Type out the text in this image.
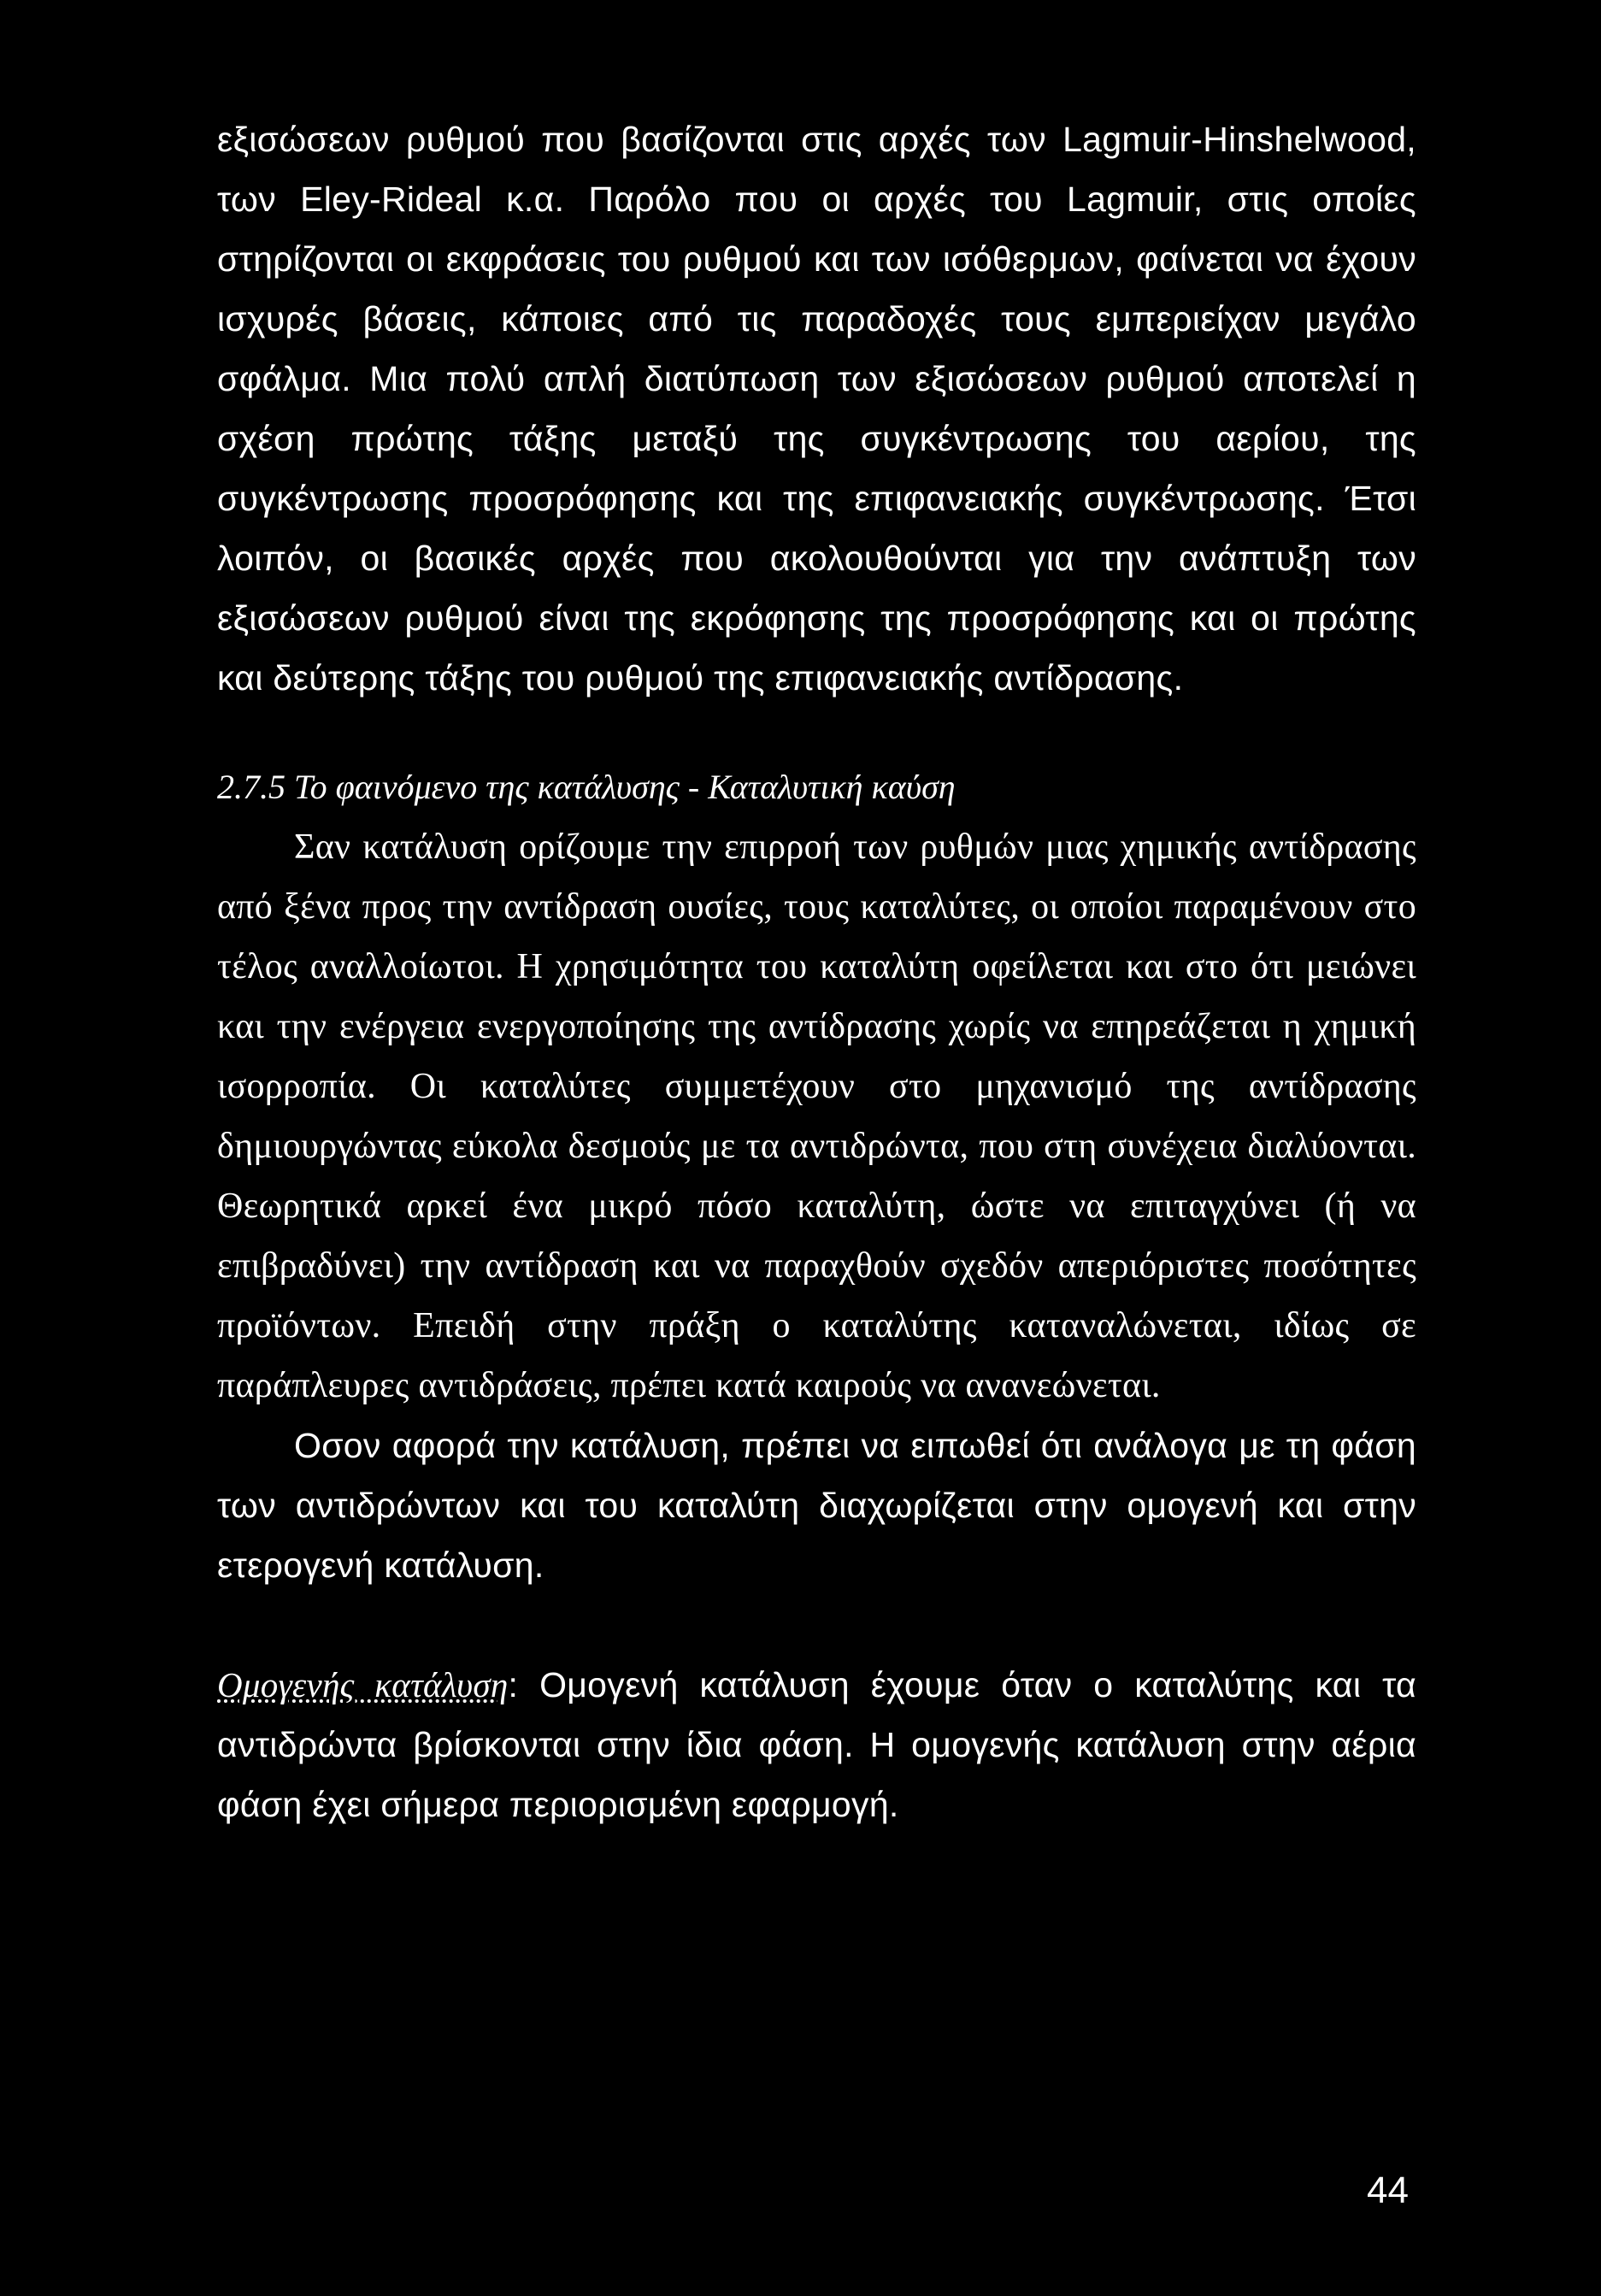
εξισώσεων ρυθμού που βασίζονται στις αρχές των Lagmuir-Hinshelwood, των Eley-Rideal κ.α. Παρόλο που οι αρχές του Lagmuir, στις οποίες στηρίζονται οι εκφράσεις του ρυθμού και των ισόθερμων, φαίνεται να έχουν ισχυρές βάσεις, κάποιες από τις παραδοχές τους εμπεριείχαν μεγάλο σφάλμα. Μια πολύ απλή διατύπωση των εξισώσεων ρυθμού αποτελεί η σχέση πρώτης τάξης μεταξύ της συγκέντρωσης του αερίου, της συγκέντρωσης προσρόφησης και της επιφανειακής συγκέντρωσης. Έτσι λοιπόν, οι βασικές αρχές που ακολουθούνται για την ανάπτυξη των εξισώσεων ρυθμού είναι της εκρόφησης της προσρόφησης και οι πρώτης και δεύτερης τάξης του ρυθμού της επιφανειακής αντίδρασης.

2.7.5 Το φαινόμενο της κατάλυσης - Καταλυτική καύση

Σαν κατάλυση ορίζουμε την επιρροή των ρυθμών μιας χημικής αντίδρασης από ξένα προς την αντίδραση ουσίες, τους καταλύτες, οι οποίοι παραμένουν στο τέλος αναλλοίωτοι. Η χρησιμότητα του καταλύτη οφείλεται και στο ότι μειώνει και την ενέργεια ενεργοποίησης της αντίδρασης χωρίς να επηρεάζεται η χημική ισορροπία. Οι καταλύτες συμμετέχουν στο μηχανισμό της αντίδρασης δημιουργώντας εύκολα δεσμούς με τα αντιδρώντα, που στη συνέχεια διαλύονται. Θεωρητικά αρκεί ένα μικρό πόσο καταλύτη, ώστε να επιταγχύνει (ή να επιβραδύνει) την αντίδραση και να παραχθούν σχεδόν απεριόριστες ποσότητες προϊόντων. Επειδή στην πράξη ο καταλύτης καταναλώνεται, ιδίως σε παράπλευρες αντιδράσεις, πρέπει κατά καιρούς να ανανεώνεται.

Οσον αφορά την κατάλυση, πρέπει να ειπωθεί ότι ανάλογα με τη φάση των αντιδρώντων και του καταλύτη διαχωρίζεται στην ομογενή και στην ετερογενή κατάλυση.

Ομογενής κατάλυση: Ομογενή κατάλυση έχουμε όταν ο καταλύτης και τα αντιδρώντα βρίσκονται στην ίδια φάση. Η ομογενής κατάλυση στην αέρια φάση έχει σήμερα περιορισμένη εφαρμογή.

44
